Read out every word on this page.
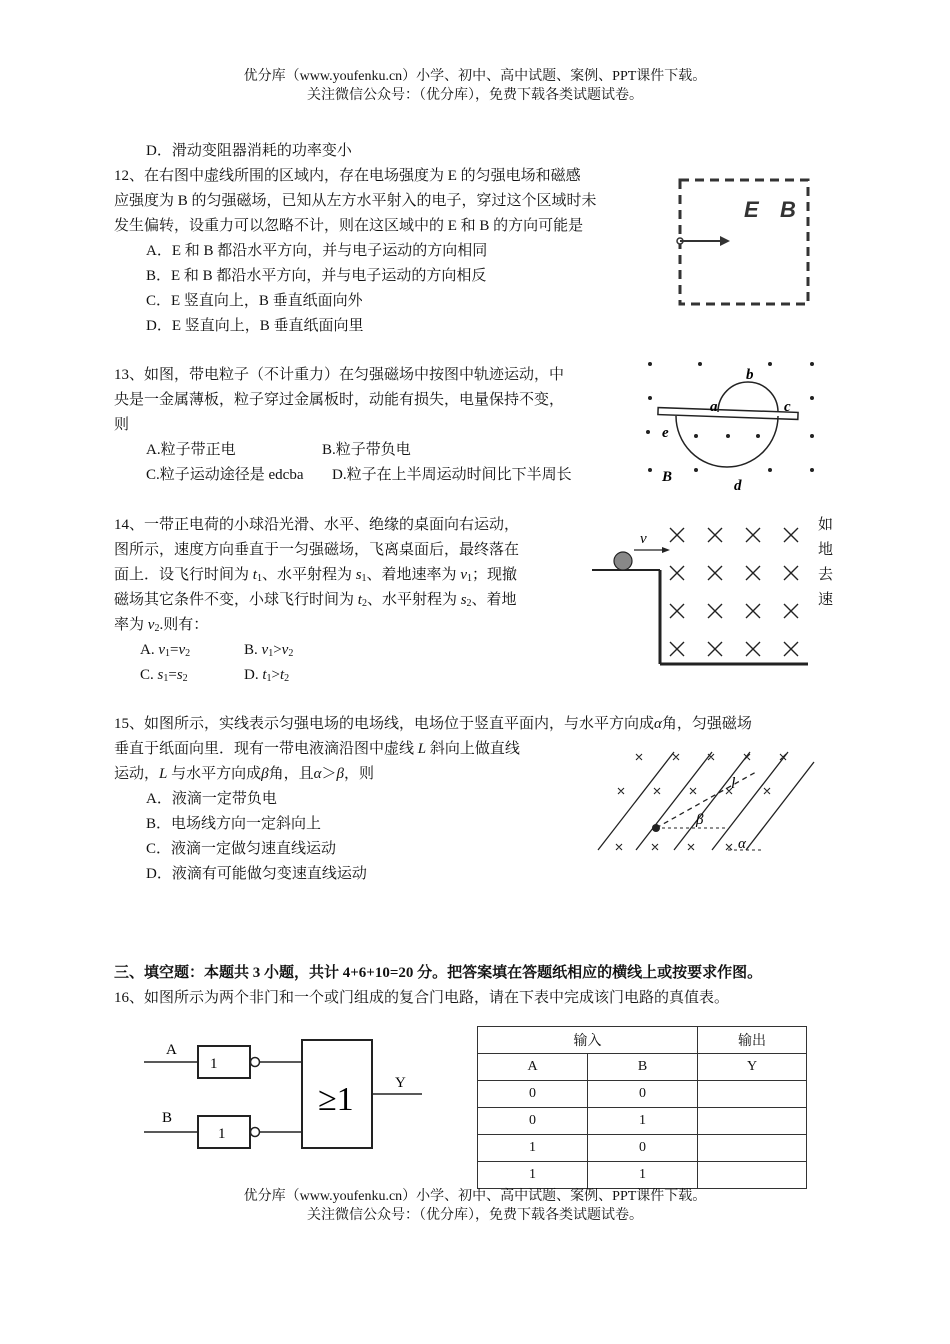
优分库（www.youfenku.cn）小学、初中、高中试题、案例、PPT课件下载。
关注微信公众号：（优分库），免费下载各类试题试卷。
D．滑动变阻器消耗的功率变小
12、在右图中虚线所围的区域内，存在电场强度为 E 的匀强电场和磁感
应强度为 B 的匀强磁场，已知从左方水平射入的电子，穿过这个区域时未
发生偏转，设重力可以忽略不计，则在这区域中的 E 和 B 的方向可能是
A．E 和 B 都沿水平方向，并与电子运动的方向相同
B．E 和 B 都沿水平方向，并与电子运动的方向相反
C．E 竖直向上，B 垂直纸面向外
D．E 竖直向上，B 垂直纸面向里
E B
13、如图，带电粒子（不计重力）在匀强磁场中按图中轨迹运动，中
央是一金属薄板，粒子穿过金属板时，动能有损失，电量保持不变，
则
A.粒子带正电	B.粒子带负电
C.粒子运动途径是 edcba D.粒子在上半周运动时间比下半周长
a
b
c
d
e
B
14、一带正电荷的小球沿光滑、水平、绝缘的桌面向右运动，
图所示，速度方向垂直于一匀强磁场，飞离桌面后，最终落在
面上．设飞行时间为 $t_1$、水平射程为 $s_1$、着地速率为 $v_1$；现撤
磁场其它条件不变，小球飞行时间为 $t_2$、水平射程为 $s_2$、着地
率为 $v_2$.则有：
A. $v_1=v_2$	B. $v_1>v_2$
C. $s_1=s_2$	D. $t_1>t_2$
如
地
去
速
v
15、如图所示，实线表示匀强电场的电场线，电场位于竖直平面内，与水平方向成α角，匀强磁场
垂直于纸面向里．现有一带电液滴沿图中虚线 L 斜向上做直线
运动，L 与水平方向成β角，且α＞β，则
A．液滴一定带负电
B．电场线方向一定斜向上
C．液滴一定做匀速直线运动
D．液滴有可能做匀变速直线运动
l
β
α
三、填空题：本题共 3 小题，共计 4+6+10=20 分。把答案填在答题纸相应的横线上或按要求作图。
16、如图所示为两个非门和一个或门组成的复合门电路，请在下表中完成该门电路的真值表。
A
B
1
1
≥1	Y
输入		输出
A	B	Y
0	0	
0	1	
1	0	
1	1	
优分库（www.youfenku.cn）小学、初中、高中试题、案例、PPT课件下载。
关注微信公众号：（优分库），免费下载各类试题试卷。
